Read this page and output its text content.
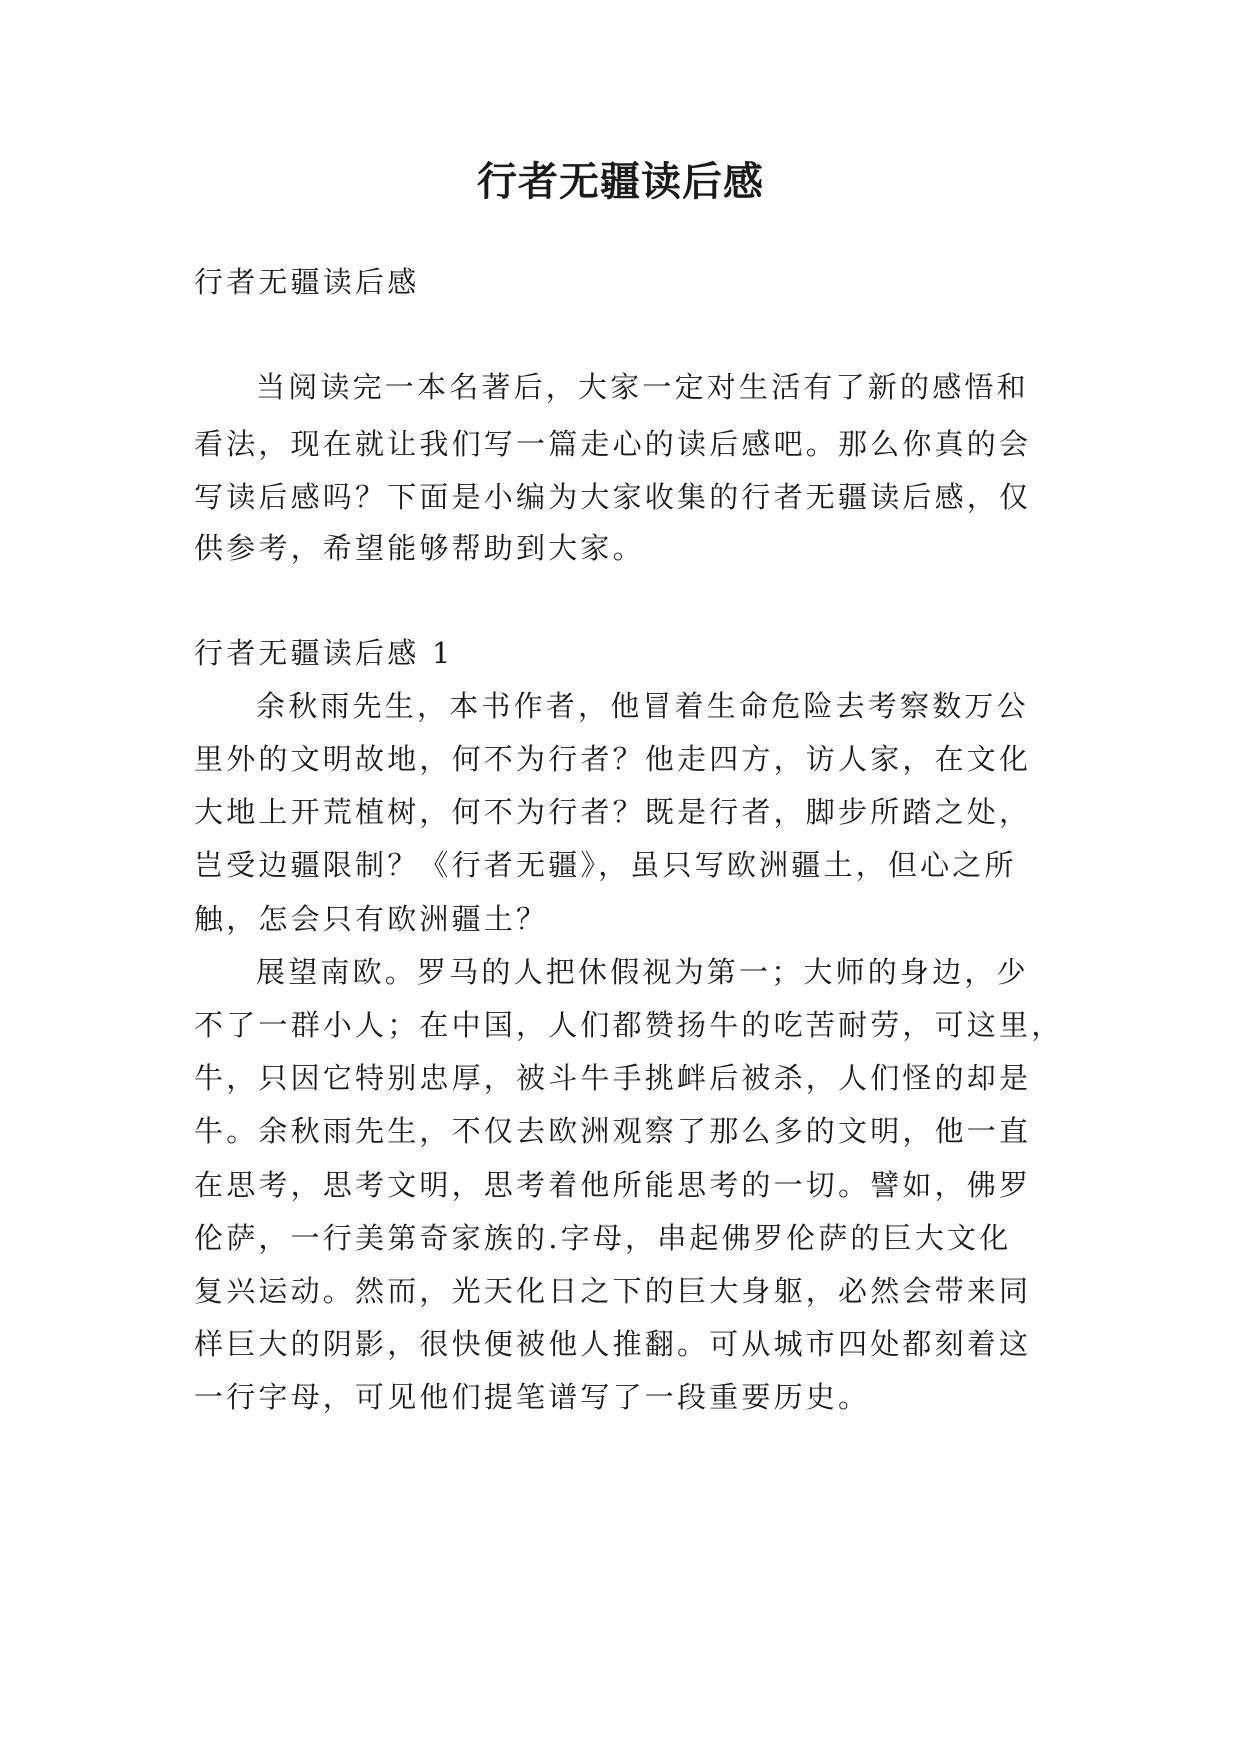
行者无疆读后感

行者无疆读后感

当阅读完一本名著后，大家一定对生活有了新的感悟和

看法，现在就让我们写一篇走心的读后感吧。那么你真的会

写读后感吗？下面是小编为大家收集的行者无疆读后感，仅

供参考，希望能够帮助到大家。

行者无疆读后感 1

余秋雨先生，本书作者，他冒着生命危险去考察数万公

里外的文明故地，何不为行者？他走四方，访人家，在文化

大地上开荒植树，何不为行者？既是行者，脚步所踏之处，

岂受边疆限制？《行者无疆》，虽只写欧洲疆土，但心之所

触，怎会只有欧洲疆土？

展望南欧。罗马的人把休假视为第一；大师的身边，少

不了一群小人；在中国，人们都赞扬牛的吃苦耐劳，可这里，

牛，只因它特别忠厚，被斗牛手挑衅后被杀，人们怪的却是

牛。余秋雨先生，不仅去欧洲观察了那么多的文明，他一直

在思考，思考文明，思考着他所能思考的一切。譬如，佛罗

伦萨，一行美第奇家族的.字母，串起佛罗伦萨的巨大文化

复兴运动。然而，光天化日之下的巨大身躯，必然会带来同

样巨大的阴影，很快便被他人推翻。可从城市四处都刻着这

一行字母，可见他们提笔谱写了一段重要历史。
